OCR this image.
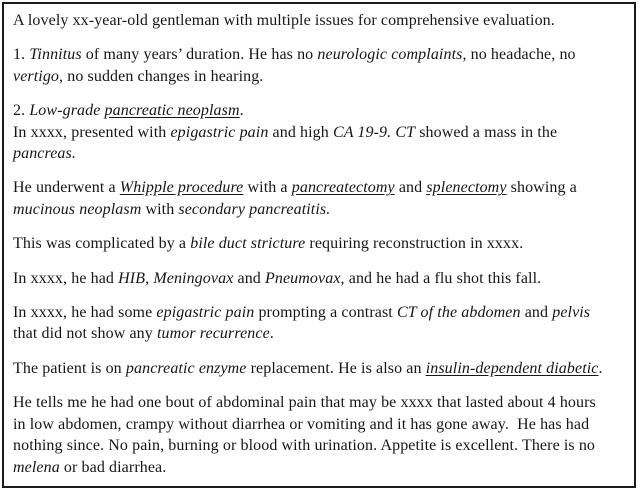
A lovely xx-year-old gentleman with multiple issues for comprehensive evaluation.

1. Tinnitus of many years’ duration. He has no neurologic complaints, no headache, no
vertigo, no sudden changes in hearing.

2. Low-grade pancreatic neoplasm.
In xxxx, presented with epigastric pain and high CA 19-9. CT showed a mass in the
pancreas.

He underwent a Whipple procedure with a pancreatectomy and splenectomy showing a
mucinous neoplasm with secondary pancreatitis.

This was complicated by a bile duct stricture requiring reconstruction in xxxx.

In xxxx, he had HIB, Meningovax and Pneumovax, and he had a flu shot this fall.

In xxxx, he had some epigastric pain prompting a contrast CT of the abdomen and pelvis
that did not show any tumor recurrence.

The patient is on pancreatic enzyme replacement. He is also an insulin-dependent diabetic.

He tells me he had one bout of abdominal pain that may be xxxx that lasted about 4 hours
in low abdomen, crampy without diarrhea or vomiting and it has gone away.  He has had
nothing since. No pain, burning or blood with urination. Appetite is excellent. There is no
melena or bad diarrhea.
